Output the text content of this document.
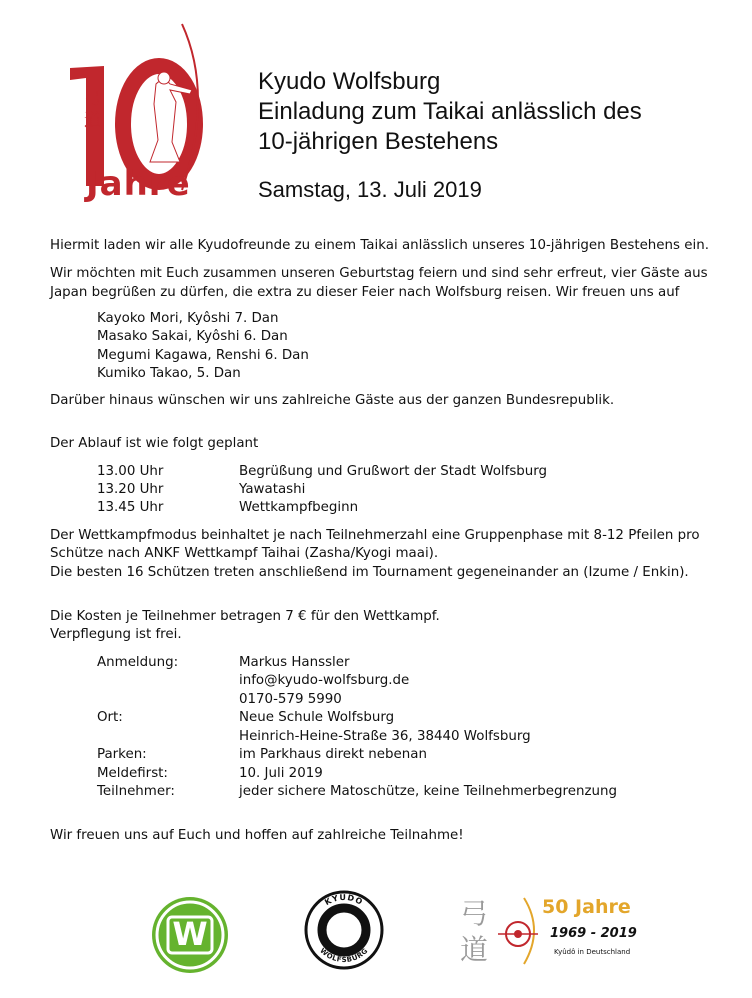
弓
道
Jahre
Kyudo Wolfsburg
Einladung zum Taikai anlässlich des
10-jährigen Bestehens
Samstag, 13. Juli 2019
Hiermit laden wir alle Kyudofreunde zu einem Taikai anlässlich unseres 10-jährigen Bestehens ein.
Wir möchten mit Euch zusammen unseren Geburtstag feiern und sind sehr erfreut, vier Gäste aus
Japan begrüßen zu dürfen, die extra zu dieser Feier nach Wolfsburg reisen. Wir freuen uns auf
Kayoko Mori, Kyôshi 7. Dan
Masako Sakai, Kyôshi 6. Dan
Megumi Kagawa, Renshi 6. Dan
Kumiko Takao, 5. Dan
Darüber hinaus wünschen wir uns zahlreiche Gäste aus der ganzen Bundesrepublik.
Der Ablauf ist wie folgt geplant
13.00 Uhr	Begrüßung und Grußwort der Stadt Wolfsburg
13.20 Uhr	Yawatashi
13.45 Uhr	Wettkampfbeginn
Der Wettkampfmodus beinhaltet je nach Teilnehmerzahl eine Gruppenphase mit 8-12 Pfeilen pro
Schütze nach ANKF Wettkampf Taihai (Zasha/Kyogi maai).
Die besten 16 Schützen treten anschließend im Tournament gegeneinander an (Izume / Enkin).
Die Kosten je Teilnehmer betragen 7 € für den Wettkampf.
Verpflegung ist frei.
Anmeldung:	Markus Hanssler
info@kyudo-wolfsburg.de
0170-579 5990
Ort:	Neue Schule Wolfsburg
Heinrich-Heine-Straße 36, 38440 Wolfsburg
Parken:	im Parkhaus direkt nebenan
Meldefirst:	10. Juli 2019
Teilnehmer:	jeder sichere Matoschütze, keine Teilnehmerbegrenzung
Wir freuen uns auf Euch und hoffen auf zahlreiche Teilnahme!
W
KYUDO
WOLFSBURG
弓
道
50 Jahre
1969 - 2019
Kyûdô in Deutschland
